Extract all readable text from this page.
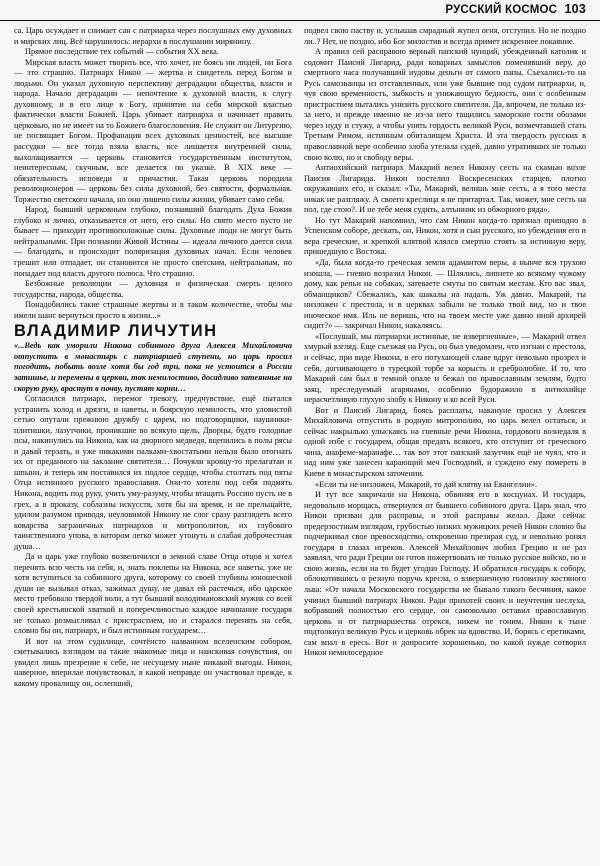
РУССКИЙ КОСМОС 103

са. Царь осуждает и снимает сан с патриарха через послушных ему духовных и мирских лиц. Всё нарушилось: иерархи в послушании мирянину.

Прямое последствие тех событий — события XX века.

Мирская власть может творить все, что хочет, не боясь ни людей, ни Бога — это страшно. Патриарх Никон — жертва и свидетель перед Богом и людьми. Он указал духовную перспективу деградации общества, власти и народа. Начало деградации — непочтение к духовной власти, к слугу духовному, и в его лице к Богу, принятие на себя мирской властью фактически власти Божией. Царь убивает патриарха и начинает править церковью, но не имеет на то Божиего благословения. Не служит он Литургию, не посвящает Богом. Профанация всех духовных ценностей, все высшие рассудки — все тогда взяла власть, все лишается внутренней силы, выхолащивается — церковь становится государственным институтом, неинтересным, скучным, все делается по указке. В XIX веке — обязательность исповеди и причастия. Такая церковь породила революционеров — церковь без силы духовной, без святости, формальная. Торжество светского начала, но оно лишено силы жизни, убивает само себя.

Народ, бывший церковным глубоко, познавший благодать Духа Божия глубоко и лично, отказывается от него, его силы. Но свято место пусто не бывает — приходит противоположные силы. Духовные люди не могут быть нейтральными. При познании Живой Истины — идеала личного дается сила — благодать, и происходит поляризация духовных начал. Если человек грешит или отпадает, он становится не просто светским, нейтральным, но попадает под власть другого полюса. Что страшно.

Безбожные революции — духовная и физическая смерть целого государства, народа, общества.

Понадобились такие страшные жертвы и в таком количестве, чтобы мы имели шанс вернуться просто к жизни...»

ВЛАДИМИР ЛИЧУТИН

«...Ведь как уморили Никона собинного друга Алексея Михайловича отпустить в монастырь с патриаршей ступени, но царь просил погодить, побыть возле хотя бы год три, пока не устоится в России затишье, и перемены в церкви, так немилостиво, досадливо затеянные на скорую руку, врастут в почву, пустят корни…

Согласился патриарх, перемог тревогу, предчувствие, ещё пытался устранить холод и дрязги, и наветы, и боярскую немилость, что уловистой сетью опутали прежнюю дружбу с царем, но подговорщики, наушники-плитишки, лазутчики, проникшие во всякую щель, Дворцы, будто голодные псы, накинулись на Никона, как на дворного медведя, вцепились в полы рясы и давай терзать, и уже никакими палками-хвостатыми нельзя было отогнать их от преданного на заклание святителя… Почуяли кровцу-то прелагатаи и шпыни, и теперь им поставился их подлое сердце, чтобы столтать под пяты Отца истинного русского православия. Они-то хотели под себя подмять Никона, водить под руку, учить уму-разуму, чтобы втащить Россию пусть не в грех, а в проказу, соблазны искусств, хотя бы на время, и не прельщайте, удилом разумом приводя, неуловимой Никону не слог сразу разглядеть всего коварства заграничных патриархов и митрополитов, их глубокого таинственного упова, в котором легко может утонуть и слабая доброчестная душа…

Да и царь уже глубоко возвеличился в земной славе Отца отцов и хотел перенять всю честь на себя, и, знать поклепы на Никона, все наветы, уже не хотя вступиться за собинного друга, которому со своей глубины юношеской души не вызывал отказ, зажимал душу, не давал ей растечься, ибо царское место требовало твердой воли, а тут бывший володимановский мужик со всей своей крестьянской хваткой и поперечливостью каждое начинание государя не только розмысливал с пристрастием, но и старался перенять на себя, словно бы он, патриарх, и был истинным государем…

И вот на этом судилище, сочтёнсто названном вселенским собором, сметывались взглядом на такие знакомые лица и наискивая сочувствия, он увидел лишь презрение к себе, не несущему ныне никакой выгоды. Никон, наверное, вперилае почувствовал, в какой неправде он участвовал прежде, к какому провалищу он, ослепший,

подвел свою паству и, услышав смрадный жупел огня, отступил. Но не поздно ли..? Нет, не поздно, ибо Бог милостив и всегда примет искреннее покаяние.

А правил сей расправою верный папский нунций, убежденный католик и содомит Паисий Лигарид, ради коварных замыслов поменявший веру, до смертного часа получавший иудовы деньги от самого папы. Съехались-то на Русь самозванцы из отставленных, или уже бывшие под судом патриархи, и, чуя свою временность, зыбкость и унижающую бедность, они с особенным пристрастием пытались унизить русского святителя. Да, впрочем, не только из-за него, и прежде именно не из-за него тащились заморские гости обозами через нуду и стужу, а чтобы унять гордость великой Руси, возмечтавшей стать Третьим Римом, истинным обиталищем Христа. И эта твердость русских в православной вере особенно злоба утелала судей, давно утративших не только свою волю, но и свободу веры.

Антиохийский патриарх Макарий велел Никону сесть на скамью возле Паисия Лигарида. Никон постелил Воскресенских старцев, плотно окружавших его, и сказал: «Ты, Макарий, велишь мне сесть, а я того места никак не разгляжу. А своего креслица я не притартал. Так, может, мне сесть на пол, где стою?. И не тебе меня судить, алтынник из обжорного ряда».

Но тут Макарий напомнил, что сам Никон когда-то признал приподно в Успенском соборе, дескать, он, Никон, хотя и сын русского, но убеждения его и вера греческие, и крепкой клятвой клялся смертно стоять за истинную веру, пришедшую с Востока.

«Да, была когда-то греческая земля адамантом веры, а нынче вся трухою изошла, — гневно возразил Никон. — Шлялись, липнете ко всякому чужому дому, как репьи на собаках, затеваете смуты по святым местам. Кто вас звал, обманщиков? Сбежались, как шакалы на падаль. Уж давно, Макарий, ты низложен с престола, и в церквах забыли не только твой вид, но и твое иноческое имя. Иль не веришь, что на твоем месте уже давно иной архирей сидит?» — закричал Никон, накаляясь.

«Послушай, мы патриархи истинные, не извергненные», — Макарий отвел хмурый взгляд. Еще съезжая на Русь, он был уведомлен, что изгнан с престола, и сейчас, при виде Никона, в его потухающей славе вдруг невольно прозрел и себя, догнивающего в турецкой торбе за корысть и сребролюбие. И то, что Макарий сам был в темной опале и бежал по православным землям, будто заяц, преследуемый агарянами, особенно будоражило в антиохийце нерасчетливую глухую злобу к Никону и ко всей Руси.

Вот и Паисий Лигарид, боясь расплаты, накануне просил у Алексея Михайловича отпустить в родную митрополию, но царь велел остаться, и сейчас накрылько улыскаясь на гневные речи Никона, гордового вознедаля в одной избе с государем, общая предать всякого, кто отступит от греческого чина, анафеме-маранафе… так вот этот папский лазутчик ещё не чуял, что и над ним уже занесен карающий меч Господний, и суждено ему помереть в Киеве в монастырском заточении.

«Если ты не низложен, Макарий, то дай клятву на Евангелии».

И тут все закричали на Никона, обвиняя его в косцунах. И государь, недовольно морщась, отвернулся от бывшего собинного друга. Царь знал, что Никон призван для расправы, и этой расправы желал. Даже сейчас предерзостным взглядом, грубостью низких мужицких речей Никон словно бы подчеркивал свое превосходство, откровенно презирая суд, и невольно ронял государя в глазах игреков. Алексей Михайлович любил Грецию и не раз заявлял, что ради Греции он готов пожертвовать не только русское войско, но и свою жизнь, если на то будет угодно Господу. И обратился государь к собору, облокотившись о резную поручь кресла, о взвершенную головизну костяного льва: «От начала Московского государства не бывало такого бесчиния, какое учинил бывший патриарх Никон. Ради прихотей своих и неучтения неслуха, вобравший полностью его сердце, он самовольно оставил православную церковь и от патриаршества отрекся, никем не гоним. Никон к тыне подтолкнул великую Русь и церковь обрек на вдовство. И, борясь с еретиками, сам впал в ересь. Вот и допросите хорошенько, по какой нужде сотворил Никон немилосердное
